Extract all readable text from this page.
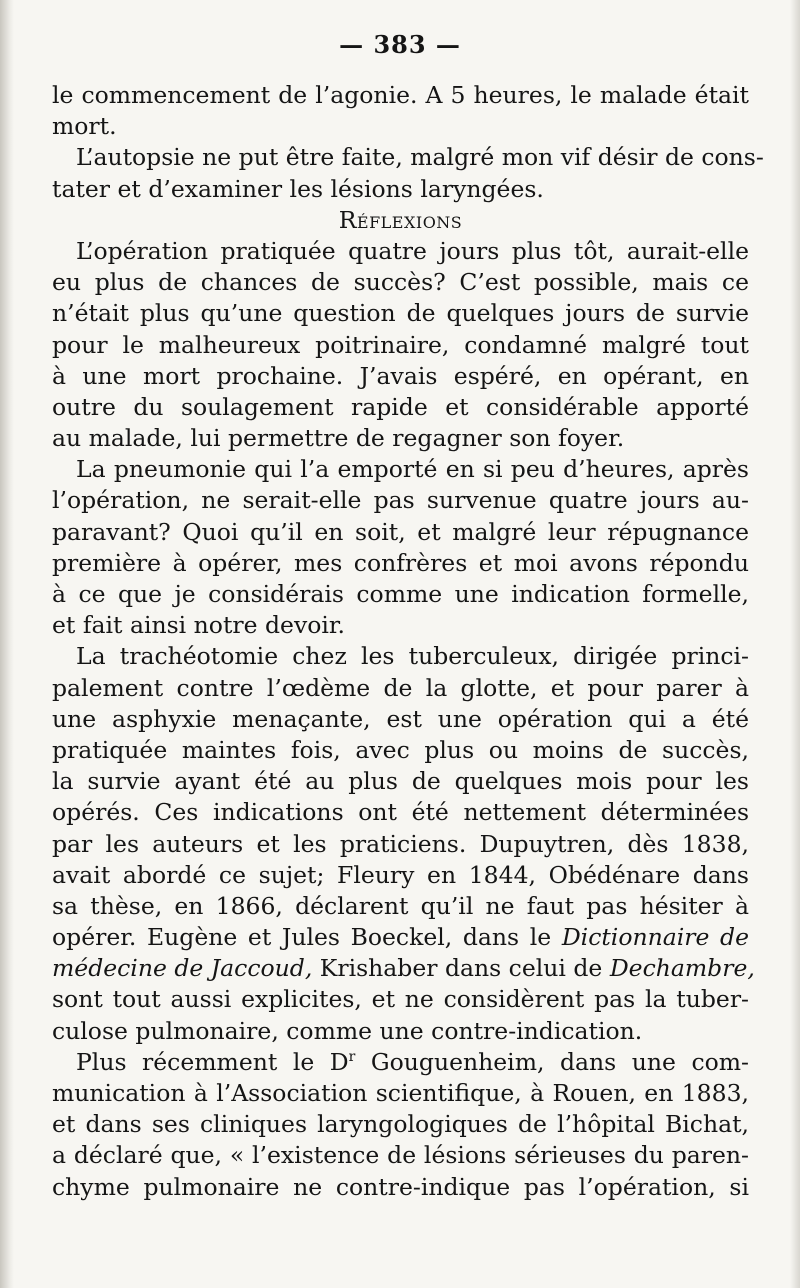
— 383 —
le commencement de l’agonie. A 5 heures, le malade était
mort.
L’autopsie ne put être faite, malgré mon vif désir de cons-
tater et d’examiner les lésions laryngées.
Réflexions
L’opération pratiquée quatre jours plus tôt, aurait-elle
eu plus de chances de succès? C’est possible, mais ce
n’était plus qu’une question de quelques jours de survie
pour le malheureux poitrinaire, condamné malgré tout
à une mort prochaine. J’avais espéré, en opérant, en
outre du soulagement rapide et considérable apporté
au malade, lui permettre de regagner son foyer.
La pneumonie qui l’a emporté en si peu d’heures, après
l’opération, ne serait-elle pas survenue quatre jours au-
paravant? Quoi qu’il en soit, et malgré leur répugnance
première à opérer, mes confrères et moi avons répondu
à ce que je considérais comme une indication formelle,
et fait ainsi notre devoir.
La trachéotomie chez les tuberculeux, dirigée princi-
palement contre l’œdème de la glotte, et pour parer à
une asphyxie menaçante, est une opération qui a été
pratiquée maintes fois, avec plus ou moins de succès,
la survie ayant été au plus de quelques mois pour les
opérés. Ces indications ont été nettement déterminées
par les auteurs et les praticiens. Dupuytren, dès 1838,
avait abordé ce sujet; Fleury en 1844, Obédénare dans
sa thèse, en 1866, déclarent qu’il ne faut pas hésiter à
opérer. Eugène et Jules Boeckel, dans le Dictionnaire de
médecine de Jaccoud, Krishaber dans celui de Dechambre,
sont tout aussi explicites, et ne considèrent pas la tuber-
culose pulmonaire, comme une contre-indication.
Plus récemment le $D^r$ Gouguenheim, dans une com-
munication à l’Association scientifique, à Rouen, en 1883,
et dans ses cliniques laryngologiques de l’hôpital Bichat,
a déclaré que, « l’existence de lésions sérieuses du paren-
chyme pulmonaire ne contre-indique pas l’opération, si
